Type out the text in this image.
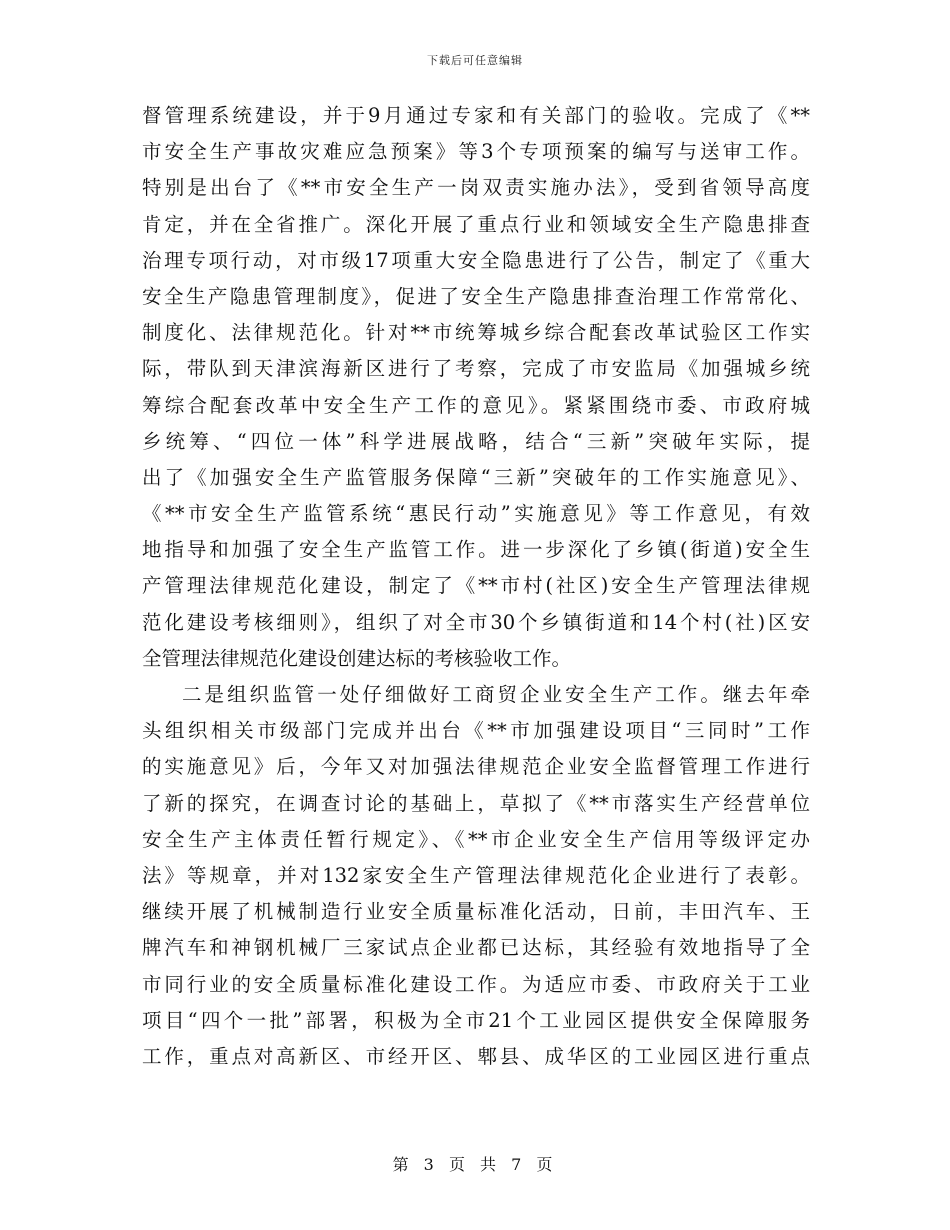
下载后可任意编辑
督管理系统建设，并于9月通过专家和有关部门的验收。完成了《**
市安全生产事故灾难应急预案》等3个专项预案的编写与送审工作。
特别是出台了《**市安全生产一岗双责实施办法》，受到省领导高度
肯定，并在全省推广。深化开展了重点行业和领域安全生产隐患排查
治理专项行动，对市级17项重大安全隐患进行了公告，制定了《重大
安全生产隐患管理制度》，促进了安全生产隐患排查治理工作常常化、
制度化、法律规范化。针对**市统筹城乡综合配套改革试验区工作实
际，带队到天津滨海新区进行了考察，完成了市安监局《加强城乡统
筹综合配套改革中安全生产工作的意见》。紧紧围绕市委、市政府城
乡统筹、“四位一体”科学进展战略，结合“三新”突破年实际，提
出了《加强安全生产监管服务保障“三新”突破年的工作实施意见》、
《**市安全生产监管系统“惠民行动”实施意见》等工作意见，有效
地指导和加强了安全生产监管工作。进一步深化了乡镇(街道)安全生
产管理法律规范化建设，制定了《**市村(社区)安全生产管理法律规
范化建设考核细则》，组织了对全市30个乡镇街道和14个村(社)区安
全管理法律规范化建设创建达标的考核验收工作。
二是组织监管一处仔细做好工商贸企业安全生产工作。继去年牵
头组织相关市级部门完成并出台《**市加强建设项目“三同时”工作
的实施意见》后，今年又对加强法律规范企业安全监督管理工作进行
了新的探究，在调查讨论的基础上，草拟了《**市落实生产经营单位
安全生产主体责任暂行规定》、《**市企业安全生产信用等级评定办
法》等规章，并对132家安全生产管理法律规范化企业进行了表彰。
继续开展了机械制造行业安全质量标准化活动，日前，丰田汽车、王
牌汽车和神钢机械厂三家试点企业都已达标，其经验有效地指导了全
市同行业的安全质量标准化建设工作。为适应市委、市政府关于工业
项目“四个一批”部署，积极为全市21个工业园区提供安全保障服务
工作，重点对高新区、市经开区、郫县、成华区的工业园区进行重点
第 3 页 共 7 页
